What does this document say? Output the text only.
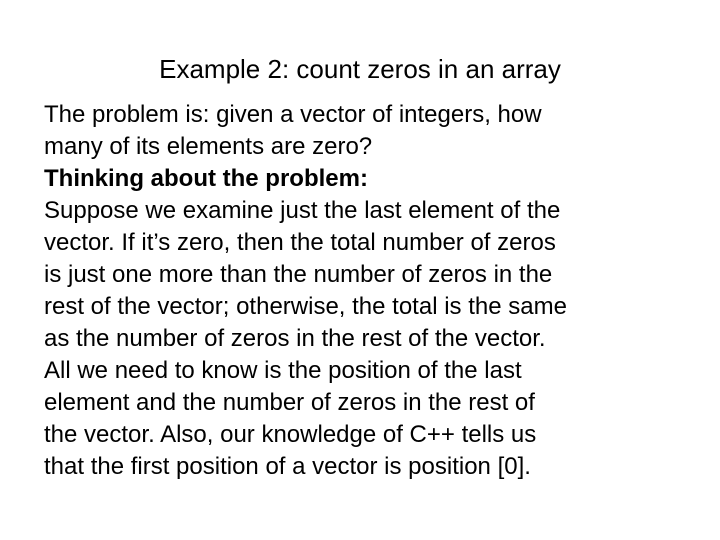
Example 2: count zeros in an array

The problem is: given a vector of integers, how
many of its elements are zero?

Thinking about the problem:

Suppose we examine just the last element of the
vector. If it’s zero, then the total number of zeros
is just one more than the number of zeros in the
rest of the vector; otherwise, the total is the same
as the number of zeros in the rest of the vector.
All we need to know is the position of the last
element and the number of zeros in the rest of
the vector. Also, our knowledge of C++ tells us
that the first position of a vector is position [0].
